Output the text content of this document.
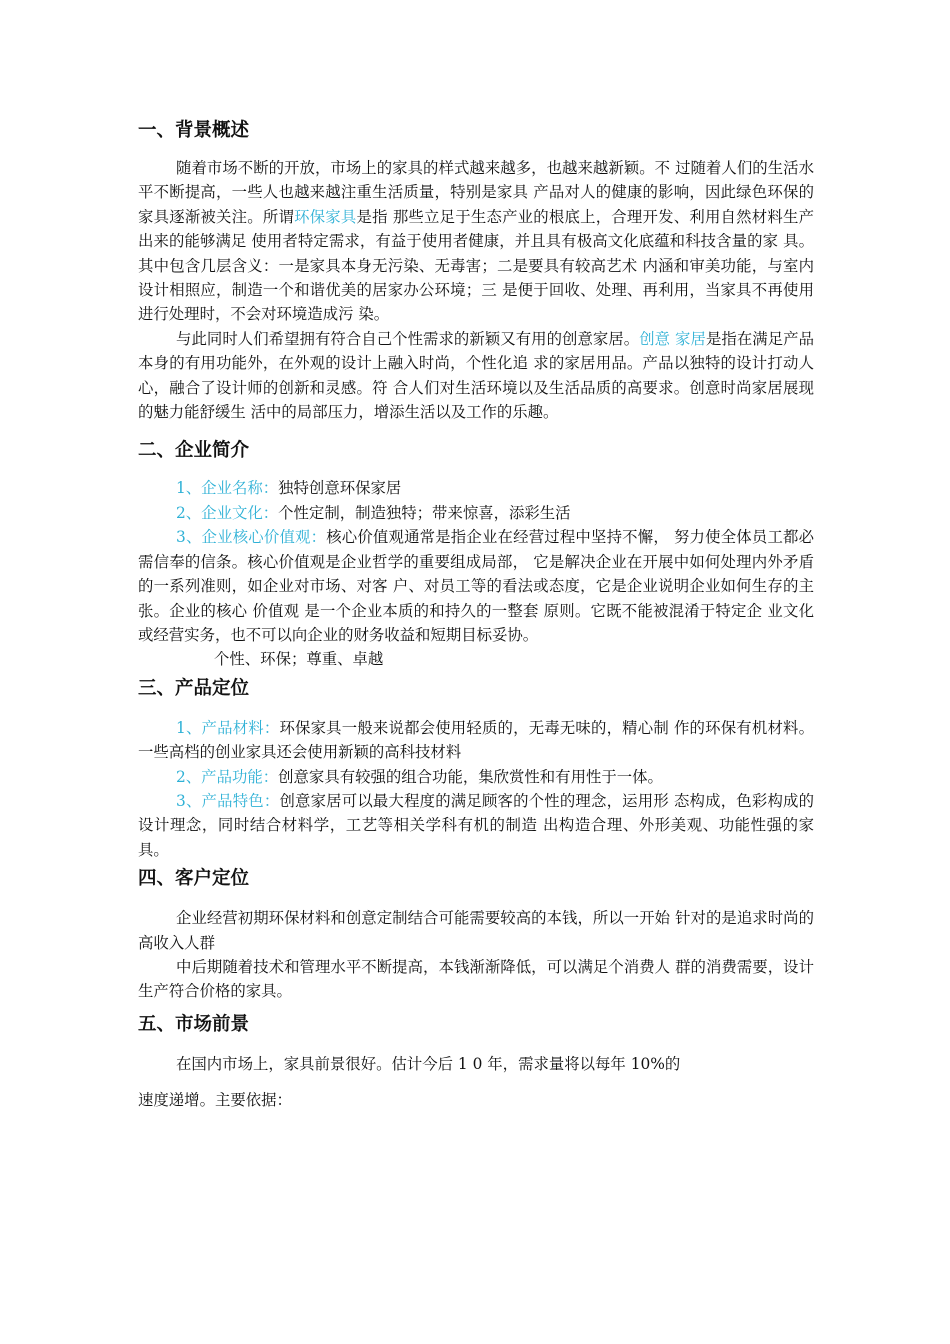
一、背景概述

随着市场不断的开放，市场上的家具的样式越来越多，也越来越新颖。不 过随着人们的生活水平不断提高，一些人也越来越注重生活质量，特别是家具 产品对人的健康的影响，因此绿色环保的家具逐渐被关注。所谓环保家具是指 那些立足于生态产业的根底上，合理开发、利用自然材料生产出来的能够满足 使用者特定需求，有益于使用者健康，并且具有极高文化底蕴和科技含量的家 具。其中包含几层含义：一是家具本身无污染、无毒害；二是要具有较高艺术 内涵和审美功能，与室内设计相照应，制造一个和谐优美的居家办公环境；三 是便于回收、处理、再利用，当家具不再使用进行处理时，不会对环境造成污 染。

与此同时人们希望拥有符合自己个性需求的新颖又有用的创意家居。创意 家居是指在满足产品本身的有用功能外，在外观的设计上融入时尚，个性化追 求的家居用品。产品以独特的设计打动人心，融合了设计师的创新和灵感。符 合人们对生活环境以及生活品质的高要求。创意时尚家居展现的魅力能舒缓生 活中的局部压力，增添生活以及工作的乐趣。

二、企业简介

1、企业名称：独特创意环保家居

2、企业文化：个性定制，制造独特；带来惊喜，添彩生活

3、企业核心价值观：核心价值观通常是指企业在经营过程中坚持不懈， 努力使全体员工都必需信奉的信条。核心价值观是企业哲学的重要组成局部， 它是解决企业在开展中如何处理内外矛盾的一系列准则，如企业对市场、对客 户、对员工等的看法或态度，它是企业说明企业如何生存的主张。企业的核心 价值观 是一个企业本质的和持久的一整套 原则。它既不能被混淆于特定企 业文化或经营实务，也不可以向企业的财务收益和短期目标妥协。

个性、环保；尊重、卓越

三、产品定位

1、产品材料：环保家具一般来说都会使用轻质的，无毒无味的，精心制 作的环保有机材料。一些高档的创业家具还会使用新颖的高科技材料

2、产品功能：创意家具有较强的组合功能，集欣赏性和有用性于一体。

3、产品特色：创意家居可以最大程度的满足顾客的个性的理念，运用形 态构成，色彩构成的设计理念，同时结合材料学，工艺等相关学科有机的制造 出构造合理、外形美观、功能性强的家具。

四、客户定位

企业经营初期环保材料和创意定制结合可能需要较高的本钱，所以一开始 针对的是追求时尚的高收入人群

中后期随着技术和管理水平不断提高，本钱渐渐降低，可以满足个消费人 群的消费需要，设计生产符合价格的家具。

五、市场前景

在国内市场上，家具前景很好。估计今后 1 0 年，需求量将以每年 10%的

速度递增。主要依据：
